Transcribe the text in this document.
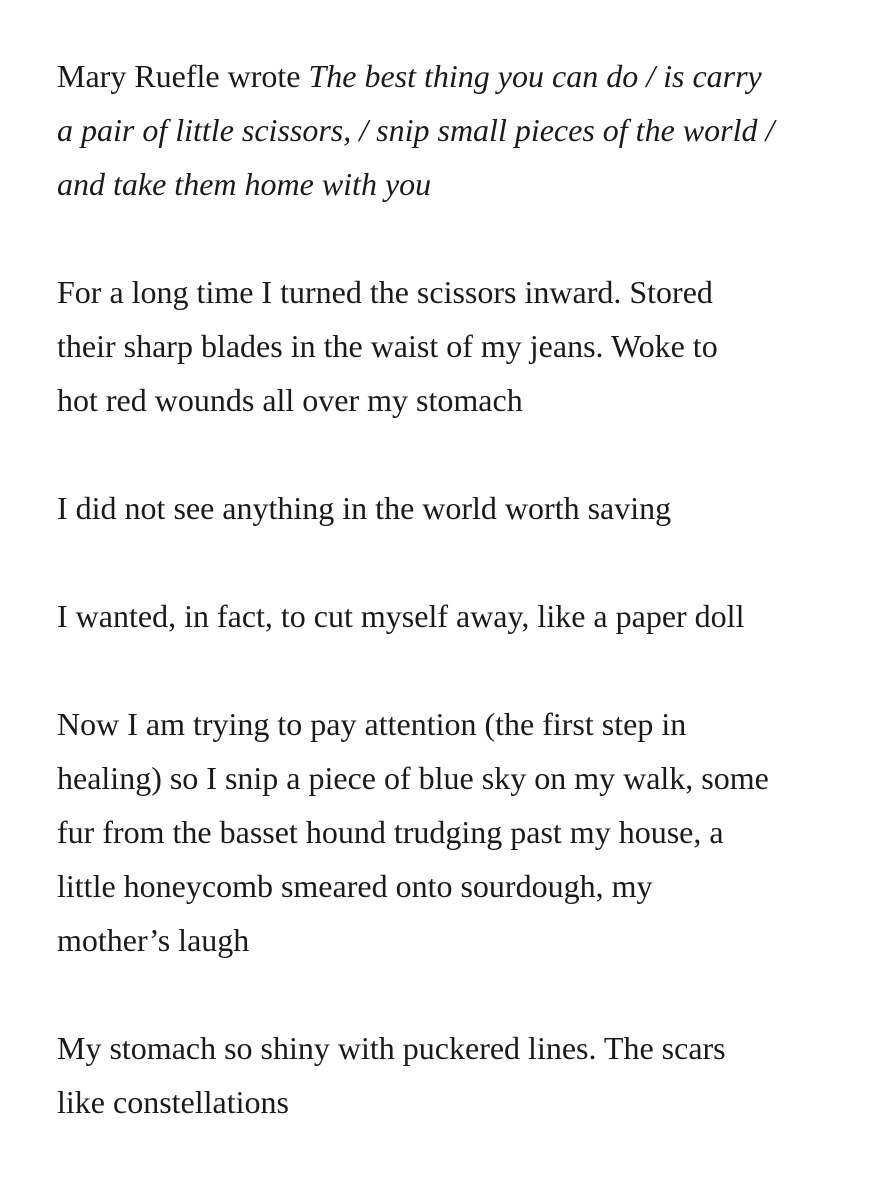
Mary Ruefle wrote The best thing you can do / is carry
a pair of little scissors, / snip small pieces of the world /
and take them home with you

For a long time I turned the scissors inward. Stored
their sharp blades in the waist of my jeans. Woke to
hot red wounds all over my stomach

I did not see anything in the world worth saving

I wanted, in fact, to cut myself away, like a paper doll

Now I am trying to pay attention (the first step in
healing) so I snip a piece of blue sky on my walk, some
fur from the basset hound trudging past my house, a
little honeycomb smeared onto sourdough, my
mother’s laugh

My stomach so shiny with puckered lines. The scars
like constellations
